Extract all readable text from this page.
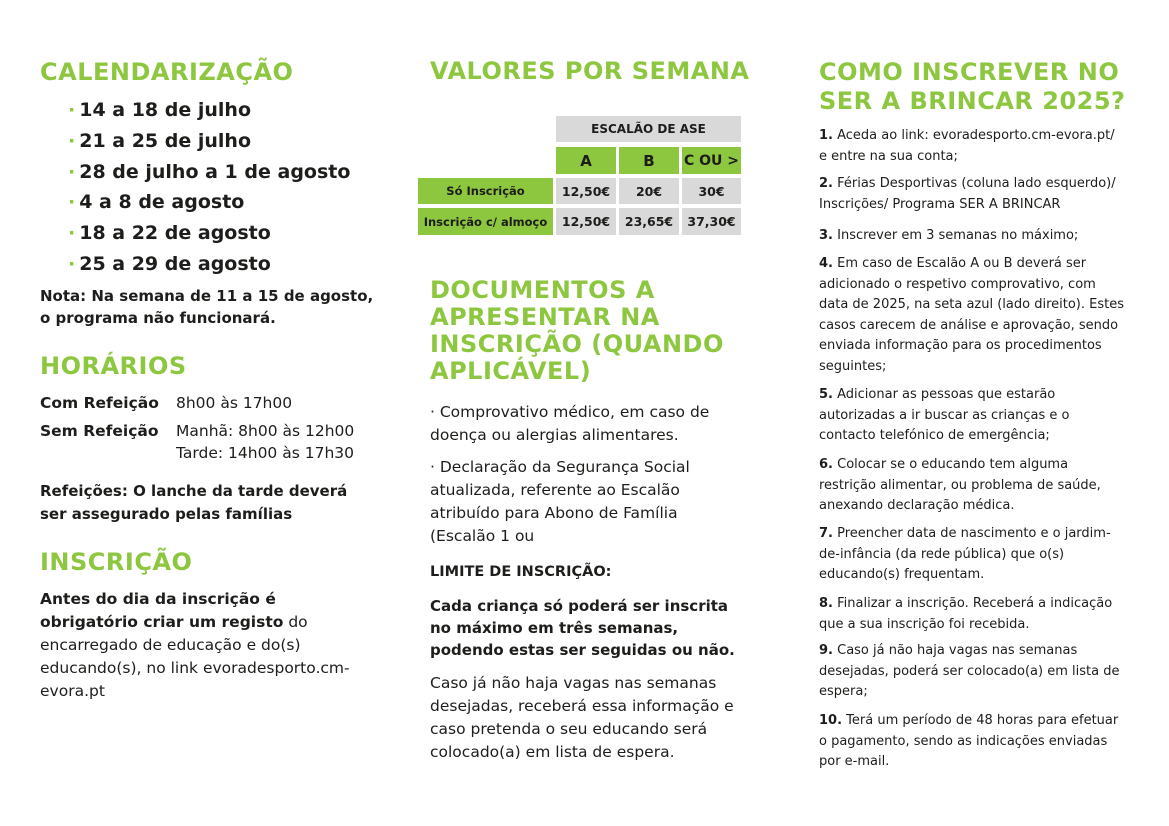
CALENDARIZAÇÃO
· 14 a 18 de julho
· 21 a 25 de julho
· 28 de julho a 1 de agosto
· 4 a 8 de agosto
· 18 a 22 de agosto
· 25 a 29 de agosto
Nota: Na semana de 11 a 15 de agosto, o programa não funcionará.
HORÁRIOS
Com Refeição 8h00 às 17h00
Sem Refeição Manhã: 8h00 às 12h00
Tarde: 14h00 às 17h30
Refeições: O lanche da tarde deverá ser assegurado pelas famílias
INSCRIÇÃO
Antes do dia da inscrição é obrigatório criar um registo do encarregado de educação e do(s) educando(s), no link evoradesporto.cm-evora.pt
VALORES POR SEMANA
ESCALÃO DE ASE
A	B	C OU >
Só Inscrição	12,50€	20€	30€
Inscrição c/ almoço	12,50€	23,65€	37,30€
DOCUMENTOS A APRESENTAR NA INSCRIÇÃO (QUANDO APLICÁVEL)
· Comprovativo médico, em caso de doença ou alergias alimentares.
· Declaração da Segurança Social atualizada, referente ao Escalão atribuído para Abono de Família (Escalão 1 ou
LIMITE DE INSCRIÇÃO:
Cada criança só poderá ser inscrita no máximo em três semanas, podendo estas ser seguidas ou não.
Caso já não haja vagas nas semanas desejadas, receberá essa informação e caso pretenda o seu educando será colocado(a) em lista de espera.
COMO INSCREVER NO SER A BRINCAR 2025?
1. Aceda ao link: evoradesporto.cm-evora.pt/ e entre na sua conta;
2. Férias Desportivas (coluna lado esquerdo)/ Inscrições/ Programa SER A BRINCAR
3. Inscrever em 3 semanas no máximo;
4. Em caso de Escalão A ou B deverá ser adicionado o respetivo comprovativo, com data de 2025, na seta azul (lado direito). Estes casos carecem de análise e aprovação, sendo enviada informação para os procedimentos seguintes;
5. Adicionar as pessoas que estarão autorizadas a ir buscar as crianças e o contacto telefónico de emergência;
6. Colocar se o educando tem alguma restrição alimentar, ou problema de saúde, anexando declaração médica.
7. Preencher data de nascimento e o jardim-de-infância (da rede pública) que o(s) educando(s) frequentam.
8. Finalizar a inscrição. Receberá a indicação que a sua inscrição foi recebida.
9. Caso já não haja vagas nas semanas desejadas, poderá ser colocado(a) em lista de espera;
10. Terá um período de 48 horas para efetuar o pagamento, sendo as indicações enviadas por e-mail.
